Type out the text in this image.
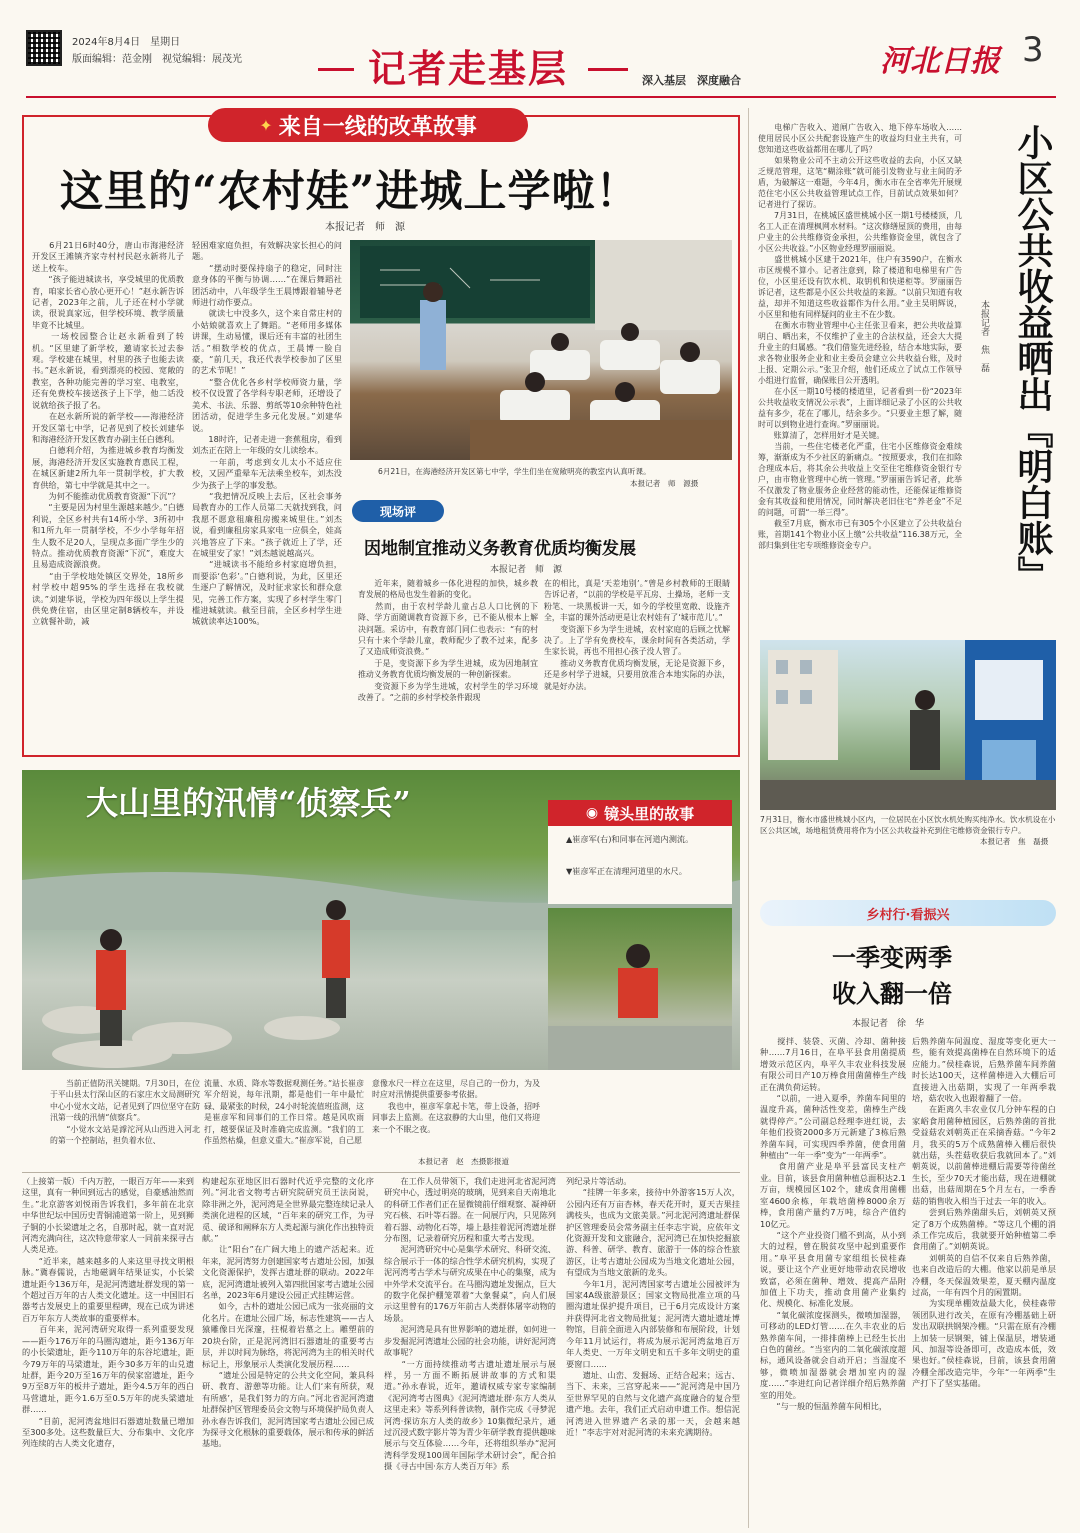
2024年8月4日　星期日
版面编辑：范金刚　视觉编辑：展茂光	记者走基层	深入基层　深度融合
河北日报 3
✦ 来自一线的改革故事
这里的“农村娃”进城上学啦！
本报记者　师　源

　　6月21日6时40分，唐山市海港经济开发区王滩镇齐家寺村村民赵永新将儿子送上校车。
　　“孩子能进城读书，享受城里的优质教育，咱家长省心放心更开心！”赵永新告诉记者，2023年之前，儿子还在村小学就读，很说真家远，但学校环境、教学质量毕竟不比城里。
　　一场校园整合让赵永新看到了转机。“区里建了新学校，邀请家长过去参观。学校建在城里，村里的孩子也能去读书。”赵永新说，看到漂亮的校园、宽敞的教室，各种功能完善的学习室、电教室，还有免费校车接送孩子上下学，他二话没说就给孩子报了名。
　　在赵永新所说的新学校——海港经济开发区第七中学，记者见到了校长刘建华和海港经济开发区教育办副主任白德利。
　　白德利介绍，为推进城乡教育均衡发展，海港经济开发区实施教育惠民工程，在城区新建2所九年一贯制学校，扩大教育供给，第七中学就是其中之一。
　　为何不能推动优质教育资源“下沉”？
　　“主要是因为村里生源越来越少。”白德利说，全区乡村共有14所小学、3所初中和1所九年一贯制学校，不少小学每年招生人数不足20人，呈现点多面广学生少的特点。推动优质教育资源“下沉”，难度大且易造成资源浪费。
　　“由于学校地处镇区交界处，18所乡村学校中超95%的学生选择在我校就读。”刘建华说，学校为四年级以上学生提供免费住宿，由区里定制8辆校车，并设立就餐补助，减

轻困难家庭负担，有效解决家长担心的问题。
　　“摆动时要保持扇子的稳定，同时注意身体的平衡与协调……”在课后舞蹈社团活动中，八年级学生王晨博跟着辅导老师进行动作要点。
　　就读七中没多久，这个来自常庄村的小姑娘就喜欢上了舞蹈。“老师用多媒体讲课，生动易懂，课后还有丰富的社团生活。”相数学校的优点，王晨博一脸自豪，“前几天，我还代表学校参加了区里的艺术节呢！”
　　“整合优化各乡村学校师资力量，学校不仅设置了各学科专职老师，还增设了美术、书法、乐器、剪纸等10余种特色社团活动，促进学生多元化发展。”刘建华说。
　　18时许，记者走进一套蕉租房，看到刘杰正在陪上一年级的女儿读绘本。
　　一年前，考虑到女儿太小不适应住校，又因严重晕车无法乘坐校车，刘杰没少为孩子上学的事发愁。
　　“我把情况反映上去后，区社会事务局教育办的工作人员第二天就找到我，问我愿不愿意租廉租房搬来城里住。”刘杰说，看到廉租房家具家电一应俱全，娃高兴地答应了下来。“孩子就近上了学，还在城里安了家！”刘杰越说越高兴。
　　“进城读书不能给乡村家庭增负担，而要添‘色彩’。”白德利说，为此，区里还生逐户了解情况，及时征求家长和群众意见，完善工作方案，实现了乡村学生零门槛进城就读。截至目前，全区乡村学生进城就读率达100%。

6月21日，在海港经济开发区第七中学，学生们坐在宽敞明亮的教室内认真听课。
本报记者　师　源摄
现场评
因地制宜推动义务教育优质均衡发展
本报记者　师　源

　　近年来，随着城乡一体化进程的加快，城乡教育发展的格局也发生着新的变化。
　　然而，由于农村学龄儿童占总人口比例的下降、学方面随调教育资源下乡，已不能从根本上解决问题。采访中，有教育部门同仁也表示：“有的村只有十来个学龄儿童，教师配少了教不过来，配多了又造成师资浪费。”
　　于是，变资源下乡为学生进城，成为因地制宜推动义务教育优质均衡发展的一种创新探索。
　　变资源下乡为学生进城，农村学生的学习环境改善了。“之前的乡村学校条件跟现

在的相比，真是‘天差地别’。”曾是乡村教师的王眼睛告诉记者，“以前的学校是平瓦房、土操场，老师一支粉笔、一块黑板讲一天，如今的学校里宽敞、设施齐全，丰富的课外活动更是让农村娃有了‘城市范儿’。”
　　变资源下乡为学生进城，农村家庭的后顾之忧解决了。上了学有免费校车，课余时间有各类活动，学生家长说，再也不用担心孩子没人管了。
　　推动义务教育优质均衡发展，无论是资源下乡，还是乡村学子进城，只要用放准合本地实际的办法，就是好办法。

　　电梯广告收入、道闸广告收入、地下停车场收入……使用居民小区公共配套设施产生的收益均归业主共有，可您知道这些收益都用在哪儿了吗？
　　如果物业公司不主动公开这些收益的去向，小区又缺乏规范管理，这笔“糊涂账”就可能引发物业与业主间的矛盾，为破解这一难题，今年4月，衡水市在全省率先开展规范住宅小区公共收益管理试点工作，目前试点效果如何？记者进行了探访。
　　7月31日，在桃城区盛世桃城小区一期1号楼楼顶，几名工人正在清理枫网水材料。“这次修缮屋顶的费用，由每户业主的公共维修资金承担，公共维修资金里，就包含了小区公共收益。”小区物业经理罗丽丽说。
　　盛世桃城小区建于2021年，住户有3590户，在衡水市区规模不算小。记者注意到，除了楼道和电梯里有广告位，小区里还设有饮水机、取钥机和快递柜等。罗丽丽告诉记者，这些都是小区公共收益的来源。“以前只知道有收益，却并不知道这些收益都作为什么用。”业主吴明辉说，小区里和他有同样疑问的业主不在少数。
　　在衡水市物业管理中心主任张卫看来，把公共收益算明白、晒出来，不仅维护了业主的合法权益，还会大大提升业主的归属感。“我们借鉴先进经验，结合本地实际，要求各物业服务企业和业主委员会建立公共收益台账，及时上报、定期公示。”张卫介绍，他们还成立了试点工作领导小组进行监督，确保账目公开透明。
　　在小区一期10号楼的楼道里，记者看到一份“2023年公共收益收支情况公示表”，上面详细记录了小区的公共收益有多少，花在了哪儿，结余多少。“只要业主想了解，随时可以到物业进行查询。”罗丽丽说。
　　账算清了，怎样用好才是关键。
　　当前，一些住宅楼老化严重，住宅小区维修资金难续筹，渐渐成为不少社区的新痛点。“按照要求，我们在扣除合理成本后，将其余公共收益上交至住宅维修资金银行专户，由市物业管理中心统一管理。”罗丽丽告诉记者，此举不仅激发了物业服务企业经营的能动性，还能保证维修资金有其收益和使用情况，同时解决老旧住宅“养老金”不足的问题，可谓“一举三得”。
　　截至7月底，衡水市已有305个小区建立了公共收益台账，首期141个物业小区上缴“公共收益”116.38万元，全部归集到住宅专项维修资金专户。	小区公共收益晒出『明白账』
本报记者　焦　磊
7月31日，衡水市盛世桃城小区内，一位居民在小区饮水机处购买纯净水。饮水机设在小区公共区域，场地租赁费用将作为小区公共收益补充到住宅维修资金银行专户。
本报记者　焦　磊摄
大山里的汛情“侦察兵”	◉ 镜头里的故事

▲崔彦军(右)和同事在河道内测流。

▼崔彦军正在清理河道里的水尺。

　　当前正值防汛关键期。7月30日，在位于平山县太行深山区的石家庄水文局测研究中心小觉水文站，记者见到了四位坚守在防汛第一线的汛情“侦察兵”。
　　“小觉水文站是滹沱河从山西进入河北的第一个控制站，担负着水位、

流量、水质、降水等数据观测任务。”站长崔彦军介绍说，每年汛期，都是他们一年中最忙碌、最紧张的时候，24小时轮流值班监测，这是崔彦军和同事们的工作日常。越是风吹雨打，越要保证及时准确完成监测。“我们的工作虽然枯燥，但意义重大。”崔彦军说，自己愿

意像水尺一样立在这里，尽自己的一份力，为及时应对汛情提供重要参考依据。
　　我也中，崔彦军拿起卡笔，带上设备，招呼同事去上监测。在这寂静的大山里，他们又将迎来一个不眠之夜。

本报记者　赵　杰摄影报道
乡村行·看振兴
一季变两季
收入翻一倍
本报记者　徐　华

　　搅拌、装袋、灭菌、冷却、菌种接种……7月16日，在阜平县食用菌提质增效示范区内，阜平久丰农业科技发展有限公司日产10万棒食用菌菌棒生产线正在满负荷运转。
　　“以前，一进入夏季，养菌车间里的温度升高，菌种活性变差，菌棒生产线就得停产。”公司副总经理李进红说，去年他们投资2000多万元新建了3栋后熟养菌车间，可实现四季养菌，使食用菌种植由“一年一季”变为“一年两季”。
　　食用菌产业是阜平县富民支柱产业。目前，该县食用菌种植总面积达2.1万亩，规模园区102个，建成食用菌棚室4600余栋，年栽培菌棒8000余万棒，食用菌产量约7万吨，综合产值约10亿元。
　　“这个产业投资门槛不到高，从小到大的过程，曾在脱贫攻坚中起到重要作用。”阜平县食用菌专家组组长侯桂森说，要让这个产业更好地带动农民增收致富，必须在菌种、增效、提高产品附加值上下功夫，推动食用菌产业集约化、规模化、标准化发展。
　　“氧化碳浓度探测头，微喷加湿器，可移动的LED灯管……在久丰农业的后熟养菌车间，一排排菌棒上已经生长出白色的菌丝。“当室内的二氧化碳浓度超标，通风设备就会自动开启；当湿度不够，微喷加湿器就会增加室内的湿度……”李进红向记者详细介绍后熟养菌室的用处。
　　“与一般的恒温养菌车间相比，

后熟养菌车间温度、湿度等变化更大一些，能有效提高菌棒在自然环境下的适应能力。”侯桂森说，后熟养菌车间养菌时长达100天，这样菌棒进入大棚后可直接进入出菇期，实现了一年两季栽培，菇农收入也跟着翻了一倍。
　　在距离久丰农业仅几分钟车程的白家峪食用菌种植园区，后熟养菌的首批受益菇农刘朝英正在采摘香菇。“今年2月，我买的5万个成熟菌棒入棚后很快就出菇，头茬菇收获后我就回本了。”刘朝英说，以前菌棒进棚后需要等待菌丝生长，至少70天才能出菇，现在进棚就出菇，出菇周期在5个月左右，一季香菇的销售收入相当于过去一年的收入。
　　尝到后熟养菌甜头后，刘朝英又预定了8万个成熟菌棒。“等这几个棚的消杀工作完成后，我就要开始种植第二季食用菌了。”刘朝英说。
　　刘朝英的自信不仅来自后熟养菌，也来自改造后的大棚。他家以前是单层冷棚，冬天保温效果差，夏天棚内温度过高，一年有四个月的闲置期。
　　为实现单棚效益最大化，侯桂森带领团队进行改关，在原有冷棚基础上研发出双联拱钢架冷棚。“只需在原有冷棚上加装一层钢架，铺上保温层，增装通风、加湿等设备即可，改造成本低，效果也好。”侯桂森说，目前，该县食用菌冷棚全部改造完毕，今年“一年两季”生产打下了坚实基础。

（上接第一版）千内万腔，一眼百万年——来到这里，真有一种回到远古的感觉，自豪感油然而生。”北京游客刘悦雨告诉我们，多年前在北京中华世纪坛中国历史青铜浦道第一阶上，见到狮子铜的小长梁遗址之名，自那时起，就一直对泥河湾充满向往，这次特意带家人一同前来探寻古人类足迹。
　　“近半来，越来越多的人来这里寻找文明根脉。”冀春儒说，古地磁调年结果证实，小长梁遗址距今136万年，是泥河湾遗址群发现的第一个超过百万年的古人类文化遗址。这一中国旧石器考古发展史上的重要里程碑，现在已成为讲述百万年东方人类故事的重要样本。
　　百年来，泥河湾研究取得一系列重要发现——距今176万年的马圈沟遗址，距今136万年的小长梁遗址，距今110万年的东谷坨遗址，距今79万年的马梁遗址，距今30多万年的山兑遗址群，距今20万至16万年的侯家窑遗址，距今9万至8万年的板井子遗址，距今4.5万年的西白马营遗址，距今1.6万至0.5万年的虎头梁遗址群……
　　“目前，泥河湾盆地旧石器遗址数量已增加至300多处。这些数量巨大、分布集中、文化序列连续的古人类文化遗存，

构建起东亚地区旧石器时代近乎完整的文化序列。”河北省文物考古研究院研究员王法岗说，除非洲之外，泥河湾是全世界最完整连续记录人类演化进程的区域，“百年来的研究工作，为寻觅、破译和阐释东方人类起源与演化作出独特贡献。”
　　让“阳台”在广阔大地上的遗产活起来。近年来，泥河湾努力创建国家考古遗址公园，加强文化资源保护，发挥古遗址群的联动。2022年底，泥河湾遗址被列入第四批国家考古遗址公园名单，2023年6月建设公园正式挂牌运营。
　　如今，古朴的遗址公园已成为一张亮丽的文化名片。在遗址公园广场，标志性建筑——古人猿雕像日光深邃，拄棍着岩墓之上。雕塑前的20块台阶，正是泥河湾旧石器遗址的重要考古层，并以时间为脉络，将泥河湾为主的相关时代标记上，形象展示人类演化发展历程……
　　“遗址公园是特定的公共文化空间，兼具科研、教育、游憩等功能。让人们‘来有所获，观有所感’，是我们努力的方向。”河北省泥河湾遗址群保护区管理委员会文物与环境保护局负责人孙永春告诉我们，泥河湾国家考古遗址公园已成为探寻文化根脉的重要载体，展示和传承的鲜活基地。

　　在工作人员带领下，我们走进河北省泥河湾研究中心，透过明亮的玻璃，见到来自天南地北的科研工作者们正在显微镜前仔细观察、凝神研究石核、石叶等石器。在一间展厅内，只见陈列着石器、动物化石等，墙上悬挂着泥河湾遗址群分布图，记录着研究历程和重大考古发现。
　　泥河湾研究中心是集学术研究、科研交流、综合展示于一体的综合性学术研究机构，实现了泥河湾考古学术与研究成果在中心的集聚，成为中外学术交流平台。在马圈沟遗址发掘点，巨大的数字化保护棚笼罩着“大象餐桌”，向人们展示这里曾有的176万年前古人类群体屠宰动物的场景。
　　泥河湾是具有世界影响的遗址群，如何进一步发掘泥河湾遗址公园的社会功能，讲好泥河湾故事呢？
　　“一方面持续推动考古遗址遗址展示与展样，另一方面不断拓展讲故事的方式和渠道。”孙永春说，近年，邀请权威专家专家编制《泥河湾考古图典》《泥河湾遗址群·东方人类从这里走来》等系列科普读物，制作完成《寻梦泥河湾·探访东方人类的故乡》10集微纪录片，通过沉浸式数字影片等为青少年研学教育提供趣味展示与交互体验……今年，还将组织举办“泥河湾科学发现100周年国际学术研讨会”，配合拍摄《寻古中国·东方人类百万年》系

列纪录片等活动。
　　“挂牌一年多来，接待中外游客15万人次，公园内还有万亩杏林，春天花开时，夏天吉果挂满枝头，也成为文旅美景。”河北泥河湾遗址群保护区管理委员会常务副主任李志宇说，应依年文化资源开发和文旅融合，泥河湾已在加快挖掘旅游、科普、研学、教育、旅游于一体的综合性旅游区，让考古遗址公园成为当地文化遗址公园，有望成为当地文旅新的龙头。
　　今年1月，泥河湾国家考古遗址公园被评为国家4A级旅游景区；国家文物局批准立项的马圈沟遗址保护提升项目，已于6月完成设计方案并获得河北省文物局批复；泥河湾大遗址遗址博物馆，目前全面进入内部装修和布展阶段，计划今年11月试运行，将成为展示泥河湾盆地百万年人类史、一万年文明史和五千多年文明史的重要窗口……
　　遗址、山峦、发掘场、正结合起来；远古、当下、未来，三宫穿起来——“泥河湾是中国乃至世界罕见的自然与文化遗产高度融合的复合型遗产地。去年，我们正式启动申遗工作。想信泥河湾进入世界遗产名录的那一天，会越来越近！”李志宇对对泥河湾的未来充满期待。
